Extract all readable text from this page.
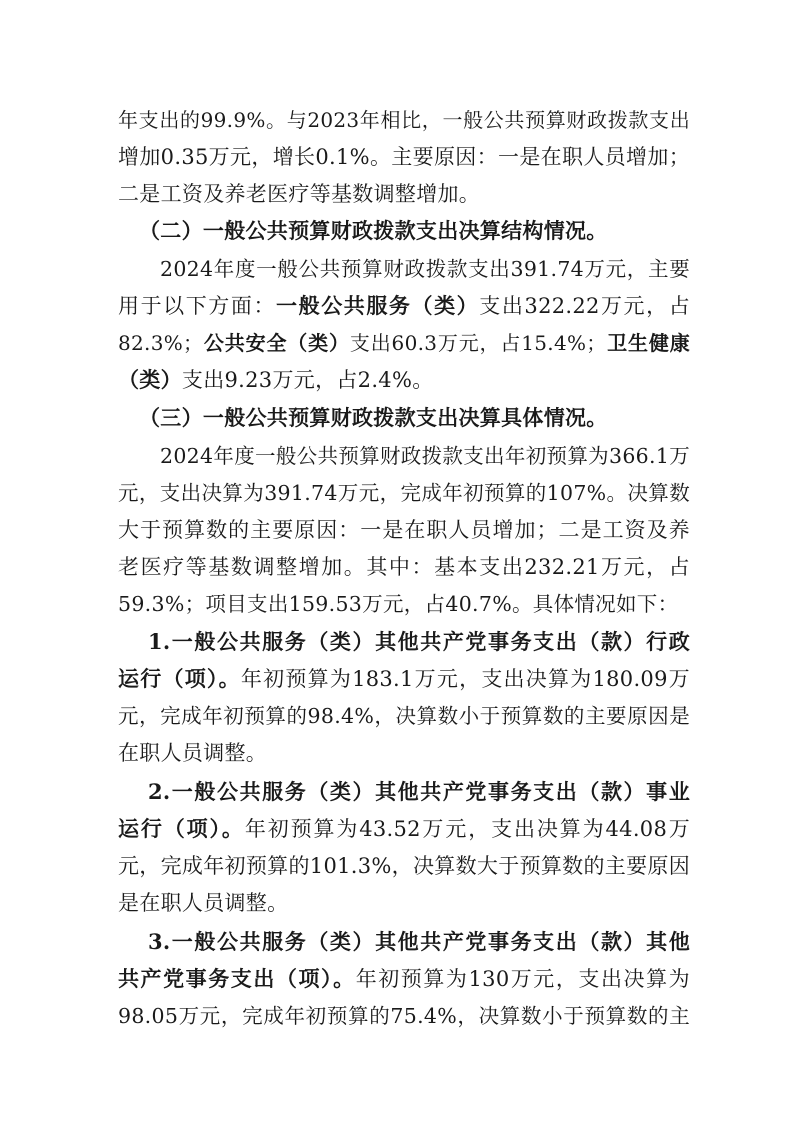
年支出的99.9%。与2023年相比，一般公共预算财政拨款支出
增加0.35万元，增长0.1%。主要原因：一是在职人员增加；
二是工资及养老医疗等基数调整增加。
（二）一般公共预算财政拨款支出决算结构情况。
2024年度一般公共预算财政拨款支出391.74万元，主要
用于以下方面：一般公共服务（类）支出322.22万元，占
82.3%；公共安全（类）支出60.3万元，占15.4%；卫生健康
（类）支出9.23万元，占2.4%。
（三）一般公共预算财政拨款支出决算具体情况。
2024年度一般公共预算财政拨款支出年初预算为366.1万
元，支出决算为391.74万元，完成年初预算的107%。决算数
大于预算数的主要原因：一是在职人员增加；二是工资及养
老医疗等基数调整增加。其中：基本支出232.21万元，占
59.3%；项目支出159.53万元，占40.7%。具体情况如下：
1.一般公共服务（类）其他共产党事务支出（款）行政
运行（项）。年初预算为183.1万元，支出决算为180.09万
元，完成年初预算的98.4%，决算数小于预算数的主要原因是
在职人员调整。
2.一般公共服务（类）其他共产党事务支出（款）事业
运行（项）。年初预算为43.52万元，支出决算为44.08万
元，完成年初预算的101.3%，决算数大于预算数的主要原因
是在职人员调整。
3.一般公共服务（类）其他共产党事务支出（款）其他
共产党事务支出（项）。年初预算为130万元，支出决算为
98.05万元，完成年初预算的75.4%，决算数小于预算数的主
